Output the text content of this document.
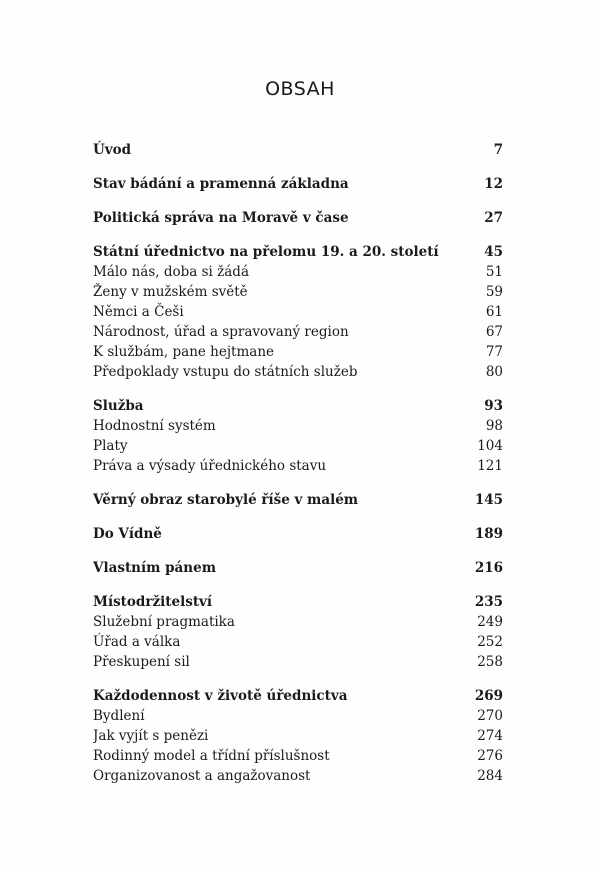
OBSAH
Úvod	7
Stav bádání a pramenná základna	12
Politická správa na Moravě v čase	27
Státní úřednictvo na přelomu 19. a 20. století	45
Málo nás, doba si žádá	51
Ženy v mužském světě	59
Němci a Češi	61
Národnost, úřad a spravovaný region	67
K službám, pane hejtmane	77
Předpoklady vstupu do státních služeb	80
Služba	93
Hodnostní systém	98
Platy	104
Práva a výsady úřednického stavu	121
Věrný obraz starobylé říše v malém	145
Do Vídně	189
Vlastním pánem	216
Místodržitelství	235
Služební pragmatika	249
Úřad a válka	252
Přeskupení sil	258
Každodennost v životě úřednictva	269
Bydlení	270
Jak vyjít s penězi	274
Rodinný model a třídní příslušnost	276
Organizovanost a angažovanost	284
